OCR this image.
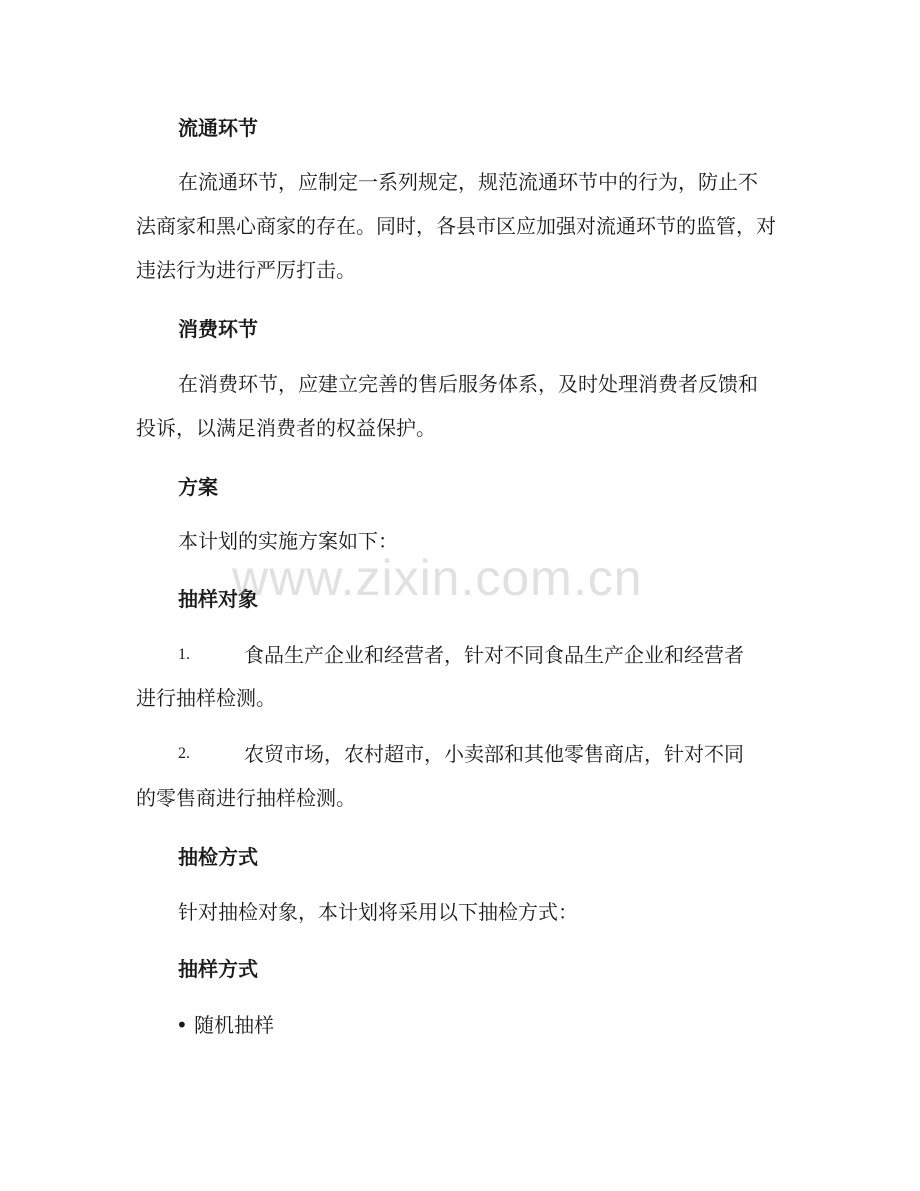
流通环节
在流通环节，应制定一系列规定，规范流通环节中的行为，防止不法商家和黑心商家的存在。同时，各县市区应加强对流通环节的监管，对违法行为进行严厉打击。
消费环节
在消费环节，应建立完善的售后服务体系，及时处理消费者反馈和投诉，以满足消费者的权益保护。
方案
本计划的实施方案如下：
抽样对象
1.	食品生产企业和经营者，针对不同食品生产企业和经营者
进行抽样检测。
2.	农贸市场，农村超市，小卖部和其他零售商店，针对不同
的零售商进行抽样检测。
抽检方式
针对抽检对象，本计划将采用以下抽检方式：
抽样方式
• 随机抽样
www.zixin.com.cn
